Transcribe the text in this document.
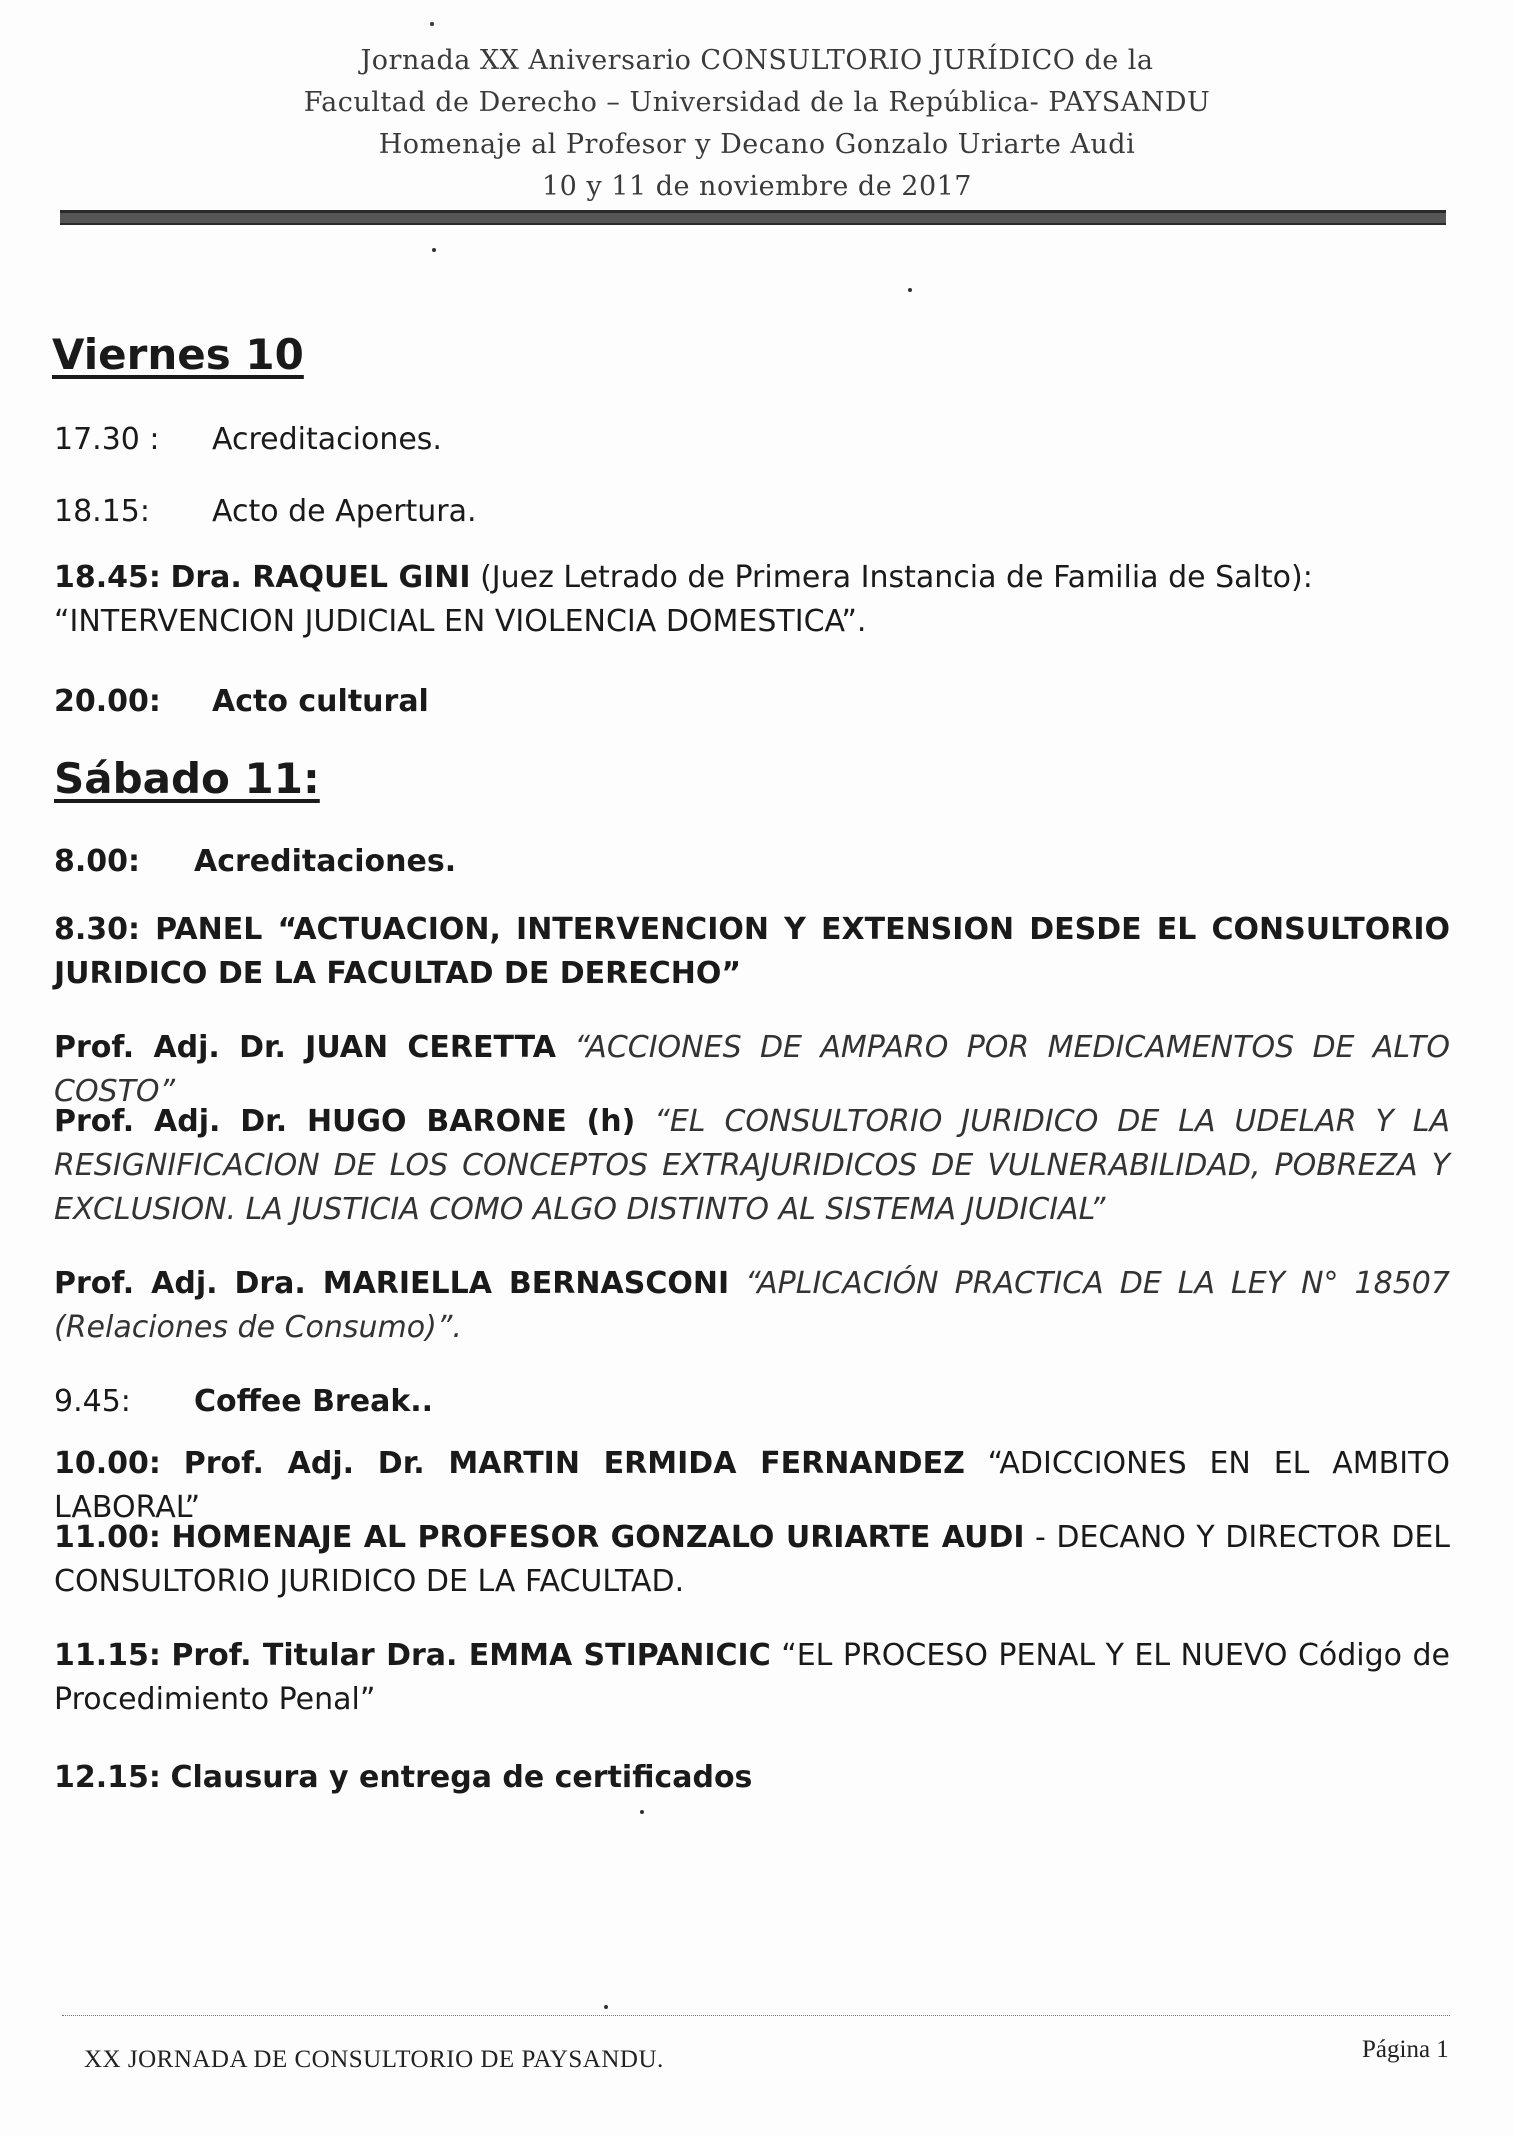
Jornada XX Aniversario CONSULTORIO JURÍDICO de la
Facultad de Derecho – Universidad de la República- PAYSANDU
Homenaje al Profesor y Decano Gonzalo Uriarte Audi
10 y 11 de noviembre de 2017
Viernes 10
17.30 : Acreditaciones.
18.15: Acto de Apertura.
18.45: Dra. RAQUEL GINI (Juez Letrado de Primera Instancia de Familia de Salto):
“INTERVENCION JUDICIAL EN VIOLENCIA DOMESTICA”.
20.00: Acto cultural
Sábado 11:
8.00: Acreditaciones.
8.30: PANEL “ACTUACION, INTERVENCION Y EXTENSION DESDE EL CONSULTORIO JURIDICO DE LA FACULTAD DE DERECHO”
Prof. Adj. Dr. JUAN CERETTA “ACCIONES DE AMPARO POR MEDICAMENTOS DE ALTO COSTO”
Prof. Adj. Dr. HUGO BARONE (h) “EL CONSULTORIO JURIDICO DE LA UDELAR Y LA RESIGNIFICACION DE LOS CONCEPTOS EXTRAJURIDICOS DE VULNERABILIDAD, POBREZA Y EXCLUSION. LA JUSTICIA COMO ALGO DISTINTO AL SISTEMA JUDICIAL”
Prof. Adj. Dra. MARIELLA BERNASCONI “APLICACIÓN PRACTICA DE LA LEY N° 18507 (Relaciones de Consumo)”.
9.45: Coffee Break..
10.00: Prof. Adj. Dr. MARTIN ERMIDA FERNANDEZ “ADICCIONES EN EL AMBITO LABORAL”
11.00: HOMENAJE AL PROFESOR GONZALO URIARTE AUDI - DECANO Y DIRECTOR DEL CONSULTORIO JURIDICO DE LA FACULTAD.
11.15: Prof. Titular Dra. EMMA STIPANICIC “EL PROCESO PENAL Y EL NUEVO Código de Procedimiento Penal”
12.15: Clausura y entrega de certificados
XX JORNADA DE CONSULTORIO DE PAYSANDU.	Página 1
